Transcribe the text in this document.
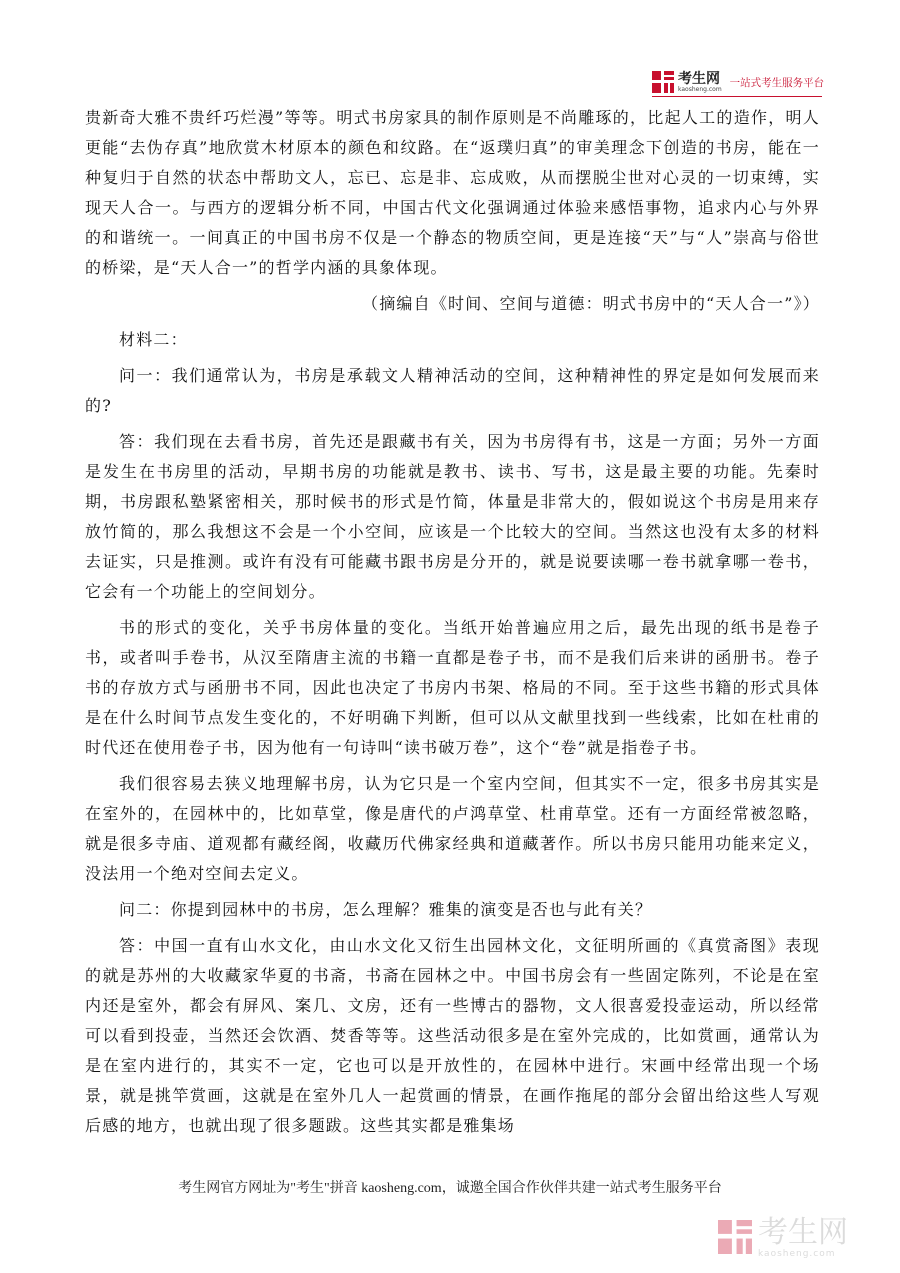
考生网
kaosheng.com
一站式考生服务平台

贵新奇大雅不贵纤巧烂漫”等等。明式书房家具的制作原则是不尚雕琢的，比起人工的造作，明人更能“去伪存真”地欣赏木材原本的颜色和纹路。在“返璞归真”的审美理念下创造的书房，能在一种复归于自然的状态中帮助文人，忘已、忘是非、忘成败，从而摆脱尘世对心灵的一切束缚，实现天人合一。与西方的逻辑分析不同，中国古代文化强调通过体验来感悟事物，追求内心与外界的和谐统一。一间真正的中国书房不仅是一个静态的物质空间，更是连接“天”与“人”崇高与俗世的桥梁，是“天人合一”的哲学内涵的具象体现。

（摘编自《时间、空间与道德：明式书房中的“天人合一”》）

材料二：

问一：我们通常认为，书房是承载文人精神活动的空间，这种精神性的界定是如何发展而来的?

答：我们现在去看书房，首先还是跟藏书有关，因为书房得有书，这是一方面；另外一方面是发生在书房里的活动，早期书房的功能就是教书、读书、写书，这是最主要的功能。先秦时期，书房跟私塾紧密相关，那时候书的形式是竹简，体量是非常大的，假如说这个书房是用来存放竹简的，那么我想这不会是一个小空间，应该是一个比较大的空间。当然这也没有太多的材料去证实，只是推测。或许有没有可能藏书跟书房是分开的，就是说要读哪一卷书就拿哪一卷书，它会有一个功能上的空间划分。

书的形式的变化，关乎书房体量的变化。当纸开始普遍应用之后，最先出现的纸书是卷子书，或者叫手卷书，从汉至隋唐主流的书籍一直都是卷子书，而不是我们后来讲的函册书。卷子书的存放方式与函册书不同，因此也决定了书房内书架、格局的不同。至于这些书籍的形式具体是在什么时间节点发生变化的，不好明确下判断，但可以从文献里找到一些线索，比如在杜甫的时代还在使用卷子书，因为他有一句诗叫“读书破万卷”，这个“卷”就是指卷子书。

我们很容易去狭义地理解书房，认为它只是一个室内空间，但其实不一定，很多书房其实是在室外的，在园林中的，比如草堂，像是唐代的卢鸿草堂、杜甫草堂。还有一方面经常被忽略，就是很多寺庙、道观都有藏经阁，收藏历代佛家经典和道藏著作。所以书房只能用功能来定义，没法用一个绝对空间去定义。

问二：你提到园林中的书房，怎么理解？雅集的演变是否也与此有关？

答：中国一直有山水文化，由山水文化又衍生出园林文化，文征明所画的《真赏斋图》表现的就是苏州的大收藏家华夏的书斋，书斋在园林之中。中国书房会有一些固定陈列，不论是在室内还是室外，都会有屏风、案几、文房，还有一些博古的器物，文人很喜爱投壶运动，所以经常可以看到投壶，当然还会饮酒、焚香等等。这些活动很多是在室外完成的，比如赏画，通常认为是在室内进行的，其实不一定，它也可以是开放性的，在园林中进行。宋画中经常出现一个场景，就是挑竿赏画，这就是在室外几人一起赏画的情景，在画作拖尾的部分会留出给这些人写观后感的地方，也就出现了很多题跋。这些其实都是雅集场

考生网官方网址为"考生"拼音 kaosheng.com，诚邀全国合作伙伴共建一站式考生服务平台
考生网
kaosheng.com
